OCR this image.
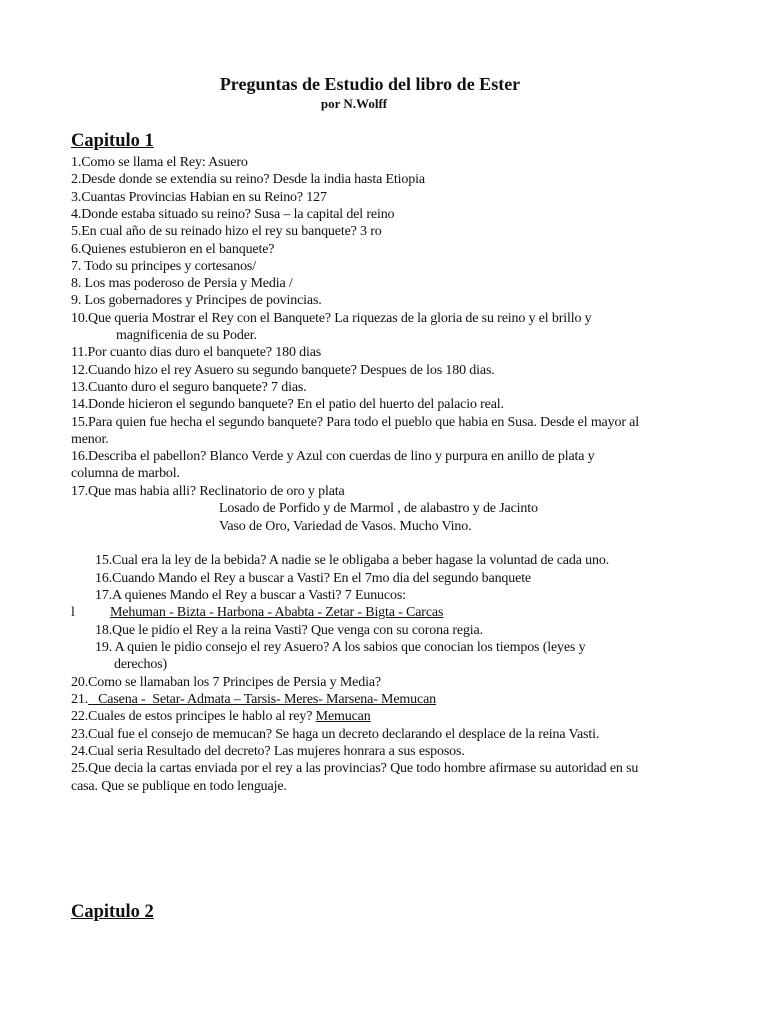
Preguntas de Estudio del libro de Ester
por N.Wolff
Capitulo 1
1.Como se llama el Rey: Asuero
2.Desde donde se extendia su reino? Desde la india hasta Etiopia
3.Cuantas Provincias Habian en su Reino? 127
4.Donde estaba situado su reino? Susa – la capital del reino
5.En cual año de su reinado hizo el rey su banquete? 3 ro
6.Quienes estubieron en el banquete?
7. Todo su principes y cortesanos/
8. Los mas poderoso de Persia y Media /
9. Los gobernadores y Principes de povincias.
10.Que queria Mostrar el Rey con el Banquete? La riquezas de la gloria de su reino y el brillo y
magnificenia de su Poder.
11.Por cuanto dias duro el banquete? 180 dias
12.Cuando hizo el rey Asuero su segundo banquete? Despues de los 180 dias.
13.Cuanto duro el seguro banquete? 7 dias.
14.Donde hicieron el segundo banquete? En el patio del huerto del palacio real.
15.Para quien fue hecha el segundo banquete? Para todo el pueblo que habia en Susa. Desde el mayor al
menor.
16.Describa el pabellon? Blanco Verde y Azul con cuerdas de lino y purpura en anillo de plata y
columna de marbol.
17.Que mas habia alli? Reclinatorio de oro y plata
Losado de Porfido y de Marmol , de alabastro y de Jacinto
Vaso de Oro, Variedad de Vasos. Mucho Vino.
15.Cual era la ley de la bebida? A nadie se le obligaba a beber hagase la voluntad de cada uno.
16.Cuando Mando el Rey a buscar a Vasti? En el 7mo dia del segundo banquete
17.A quienes Mando el Rey a buscar a Vasti? 7 Eunucos:
l	Mehuman - Bizta - Harbona - Ababta - Zetar - Bigta - Carcas
18.Que le pidio el Rey a la reina Vasti? Que venga con su corona regia.
19. A quien le pidio consejo el rey Asuero? A los sabios que conocian los tiempos (leyes y
derechos)
20.Como se llamaban los 7 Principes de Persia y Media?
21.   Casena -  Setar- Admata – Tarsis- Meres- Marsena- Memucan
22.Cuales de estos principes le hablo al rey? Memucan
23.Cual fue el consejo de memucan? Se haga un decreto declarando el desplace de la reina Vasti.
24.Cual seria Resultado del decreto? Las mujeres honrara a sus esposos.
25.Que decia la cartas enviada por el rey a las provincias? Que todo hombre afirmase su autoridad en su
casa. Que se publique en todo lenguaje.
Capitulo 2
